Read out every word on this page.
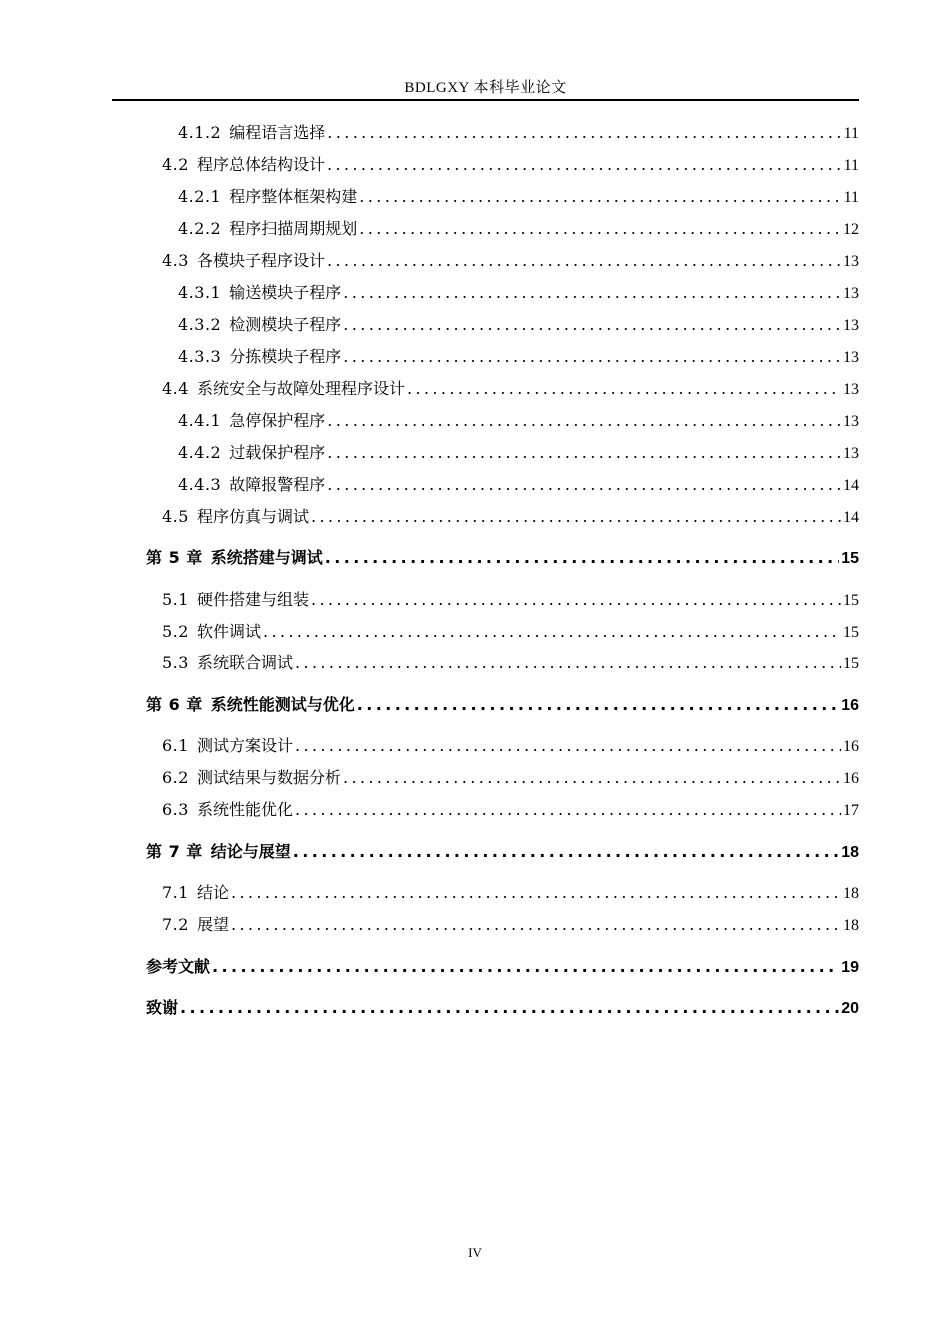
BDLGXY 本科毕业论文
4.1.2 编程语言选择 .....	11
4.2 程序总体结构设计 .....	11
4.2.1 程序整体框架构建 .....	11
4.2.2 程序扫描周期规划 .....	12
4.3 各模块子程序设计 .....	13
4.3.1 输送模块子程序 .....	13
4.3.2 检测模块子程序 .....	13
4.3.3 分拣模块子程序 .....	13
4.4 系统安全与故障处理程序设计 .....	13
4.4.1 急停保护程序 .....	13
4.4.2 过载保护程序 .....	13
4.4.3 故障报警程序 .....	14
4.5 程序仿真与调试 .....	14
第 5 章 系统搭建与调试 .....	15
5.1 硬件搭建与组装 .....	15
5.2 软件调试 .....	15
5.3 系统联合调试 .....	15
第 6 章 系统性能测试与优化 .....	16
6.1 测试方案设计 .....	16
6.2 测试结果与数据分析 .....	16
6.3 系统性能优化 .....	17
第 7 章 结论与展望 .....	18
7.1 结论 .....	18
7.2 展望 .....	18
参考文献 .....	19
致谢 .....	20
IV
